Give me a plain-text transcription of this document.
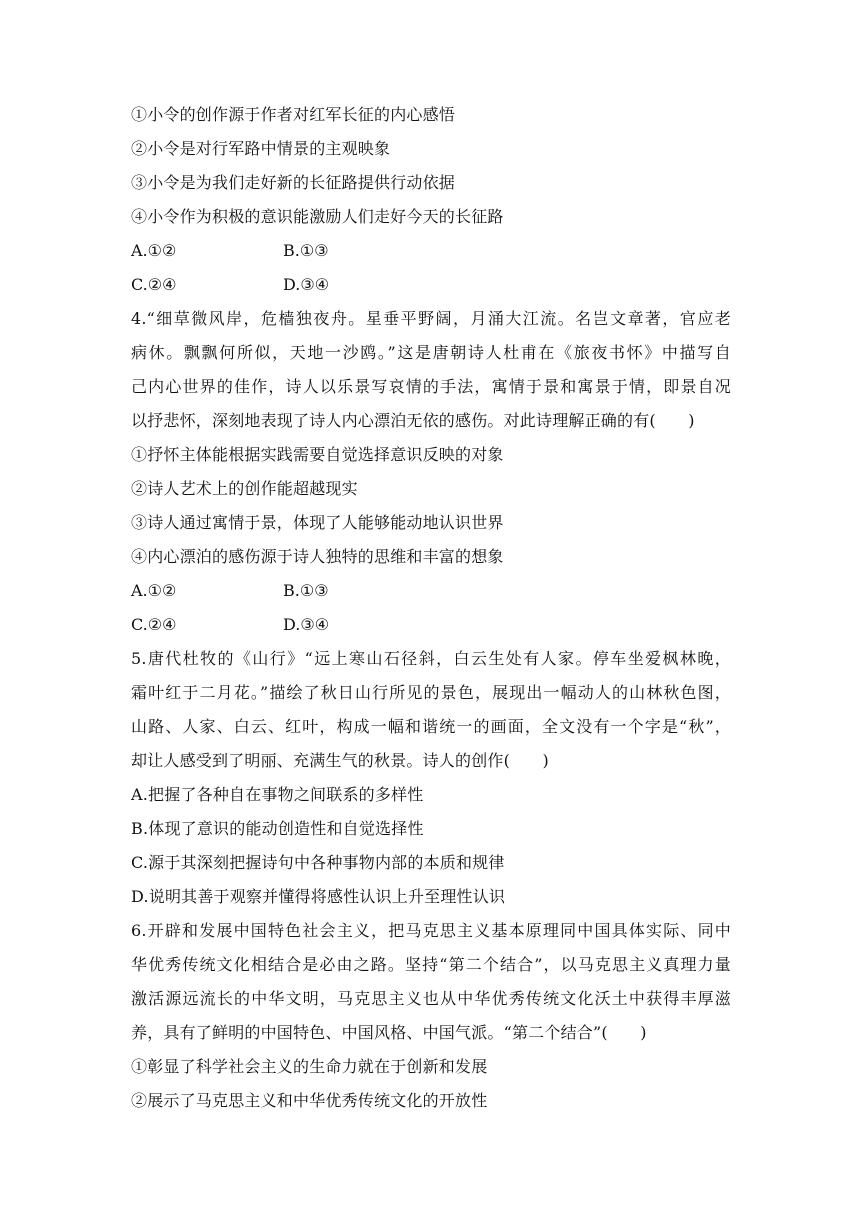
①小令的创作源于作者对红军长征的内心感悟
②小令是对行军路中情景的主观映象
③小令是为我们走好新的长征路提供行动依据
④小令作为积极的意识能激励人们走好今天的长征路
A.①②	B.①③
C.②④	D.③④
4.“细草微风岸，危樯独夜舟。星垂平野阔，月涌大江流。名岂文章著，官应老
病休。飘飘何所似，天地一沙鸥。”这是唐朝诗人杜甫在《旅夜书怀》中描写自
己内心世界的佳作，诗人以乐景写哀情的手法，寓情于景和寓景于情，即景自况
以抒悲怀，深刻地表现了诗人内心漂泊无依的感伤。对此诗理解正确的有(　　)
①抒怀主体能根据实践需要自觉选择意识反映的对象
②诗人艺术上的创作能超越现实
③诗人通过寓情于景，体现了人能够能动地认识世界
④内心漂泊的感伤源于诗人独特的思维和丰富的想象
A.①②	B.①③
C.②④	D.③④
5.唐代杜牧的《山行》“远上寒山石径斜，白云生处有人家。停车坐爱枫林晚，
霜叶红于二月花。”描绘了秋日山行所见的景色，展现出一幅动人的山林秋色图，
山路、人家、白云、红叶，构成一幅和谐统一的画面，全文没有一个字是“秋”，
却让人感受到了明丽、充满生气的秋景。诗人的创作(　　)
A.把握了各种自在事物之间联系的多样性
B.体现了意识的能动创造性和自觉选择性
C.源于其深刻把握诗句中各种事物内部的本质和规律
D.说明其善于观察并懂得将感性认识上升至理性认识
6.开辟和发展中国特色社会主义，把马克思主义基本原理同中国具体实际、同中
华优秀传统文化相结合是必由之路。坚持“第二个结合”，以马克思主义真理力量
激活源远流长的中华文明，马克思主义也从中华优秀传统文化沃土中获得丰厚滋
养，具有了鲜明的中国特色、中国风格、中国气派。“第二个结合”(　　)
①彰显了科学社会主义的生命力就在于创新和发展
②展示了马克思主义和中华优秀传统文化的开放性
